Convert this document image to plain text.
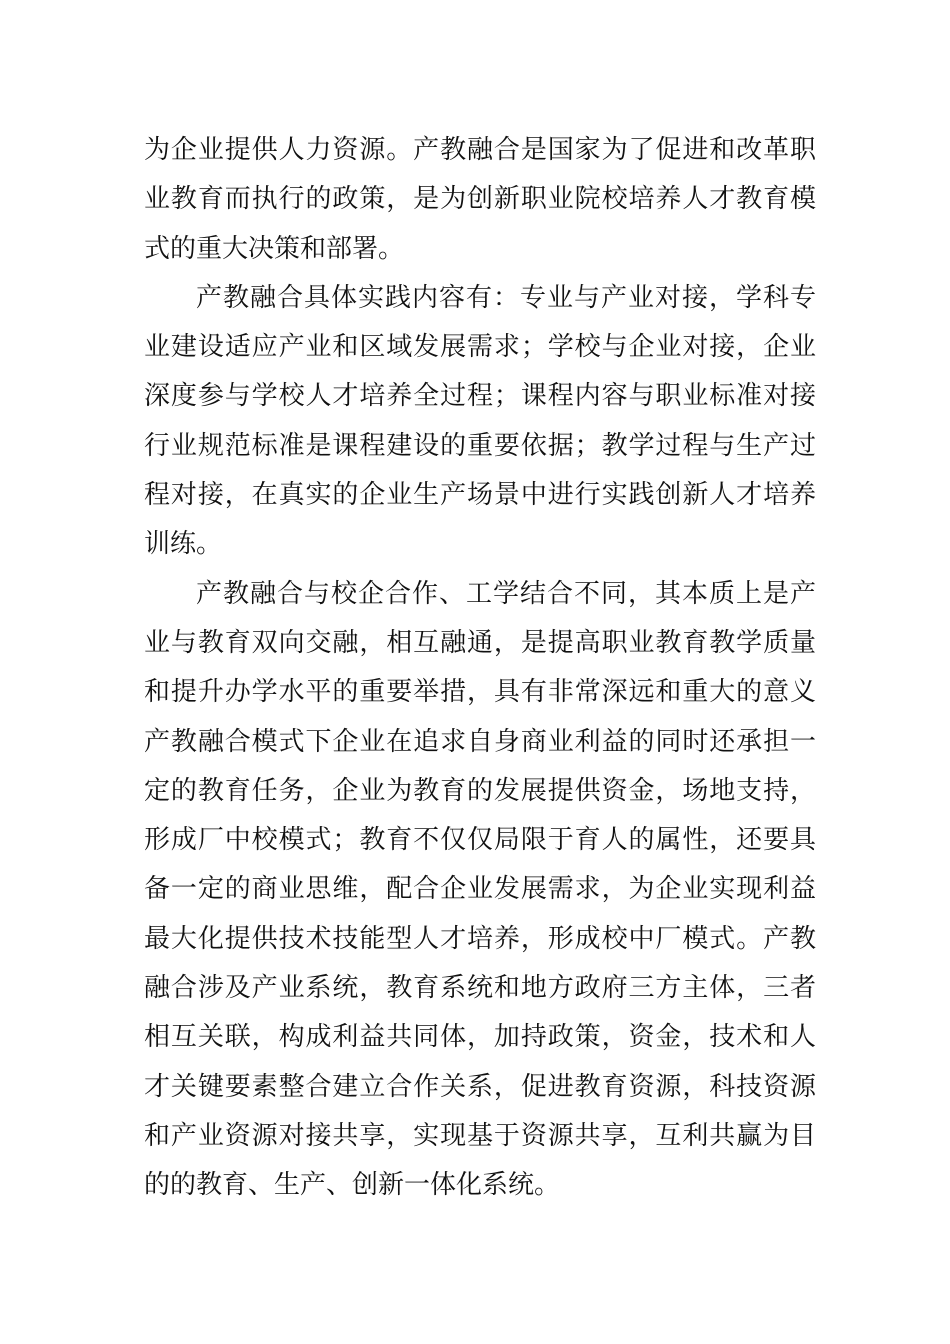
为企业提供人力资源。产教融合是国家为了促进和改革职
业教育而执行的政策，是为创新职业院校培养人才教育模
式的重大决策和部署。
产教融合具体实践内容有：专业与产业对接，学科专
业建设适应产业和区域发展需求；学校与企业对接，企业
深度参与学校人才培养全过程；课程内容与职业标准对接
行业规范标准是课程建设的重要依据；教学过程与生产过
程对接，在真实的企业生产场景中进行实践创新人才培养
训练。
产教融合与校企合作、工学结合不同，其本质上是产
业与教育双向交融，相互融通，是提高职业教育教学质量
和提升办学水平的重要举措，具有非常深远和重大的意义
产教融合模式下企业在追求自身商业利益的同时还承担一
定的教育任务，企业为教育的发展提供资金，场地支持，
形成厂中校模式；教育不仅仅局限于育人的属性，还要具
备一定的商业思维，配合企业发展需求，为企业实现利益
最大化提供技术技能型人才培养，形成校中厂模式。产教
融合涉及产业系统，教育系统和地方政府三方主体，三者
相互关联，构成利益共同体，加持政策，资金，技术和人
才关键要素整合建立合作关系，促进教育资源，科技资源
和产业资源对接共享，实现基于资源共享，互利共赢为目
的的教育、生产、创新一体化系统。
